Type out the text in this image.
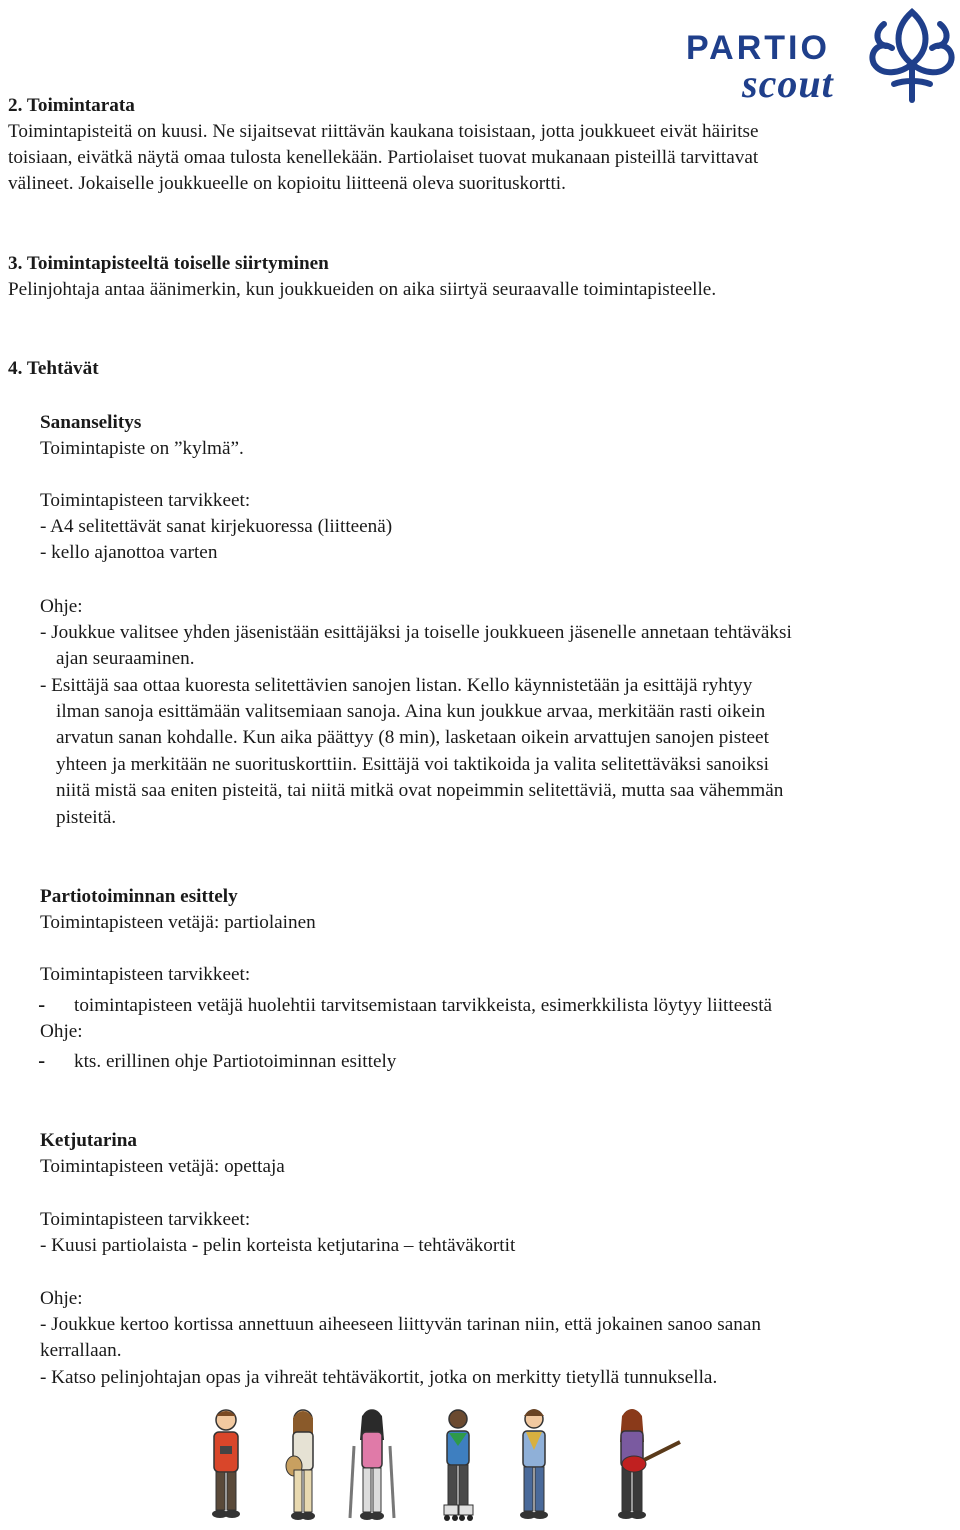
PARTIO
scout
2. Toimintarata
Toimintapisteitä on kuusi. Ne sijaitsevat riittävän kaukana toisistaan, jotta joukkueet eivät häiritse
toisiaan, eivätkä näytä omaa tulosta kenellekään. Partiolaiset tuovat mukanaan pisteillä tarvittavat
välineet. Jokaiselle joukkueelle on kopioitu liitteenä oleva suorituskortti.
3. Toimintapisteeltä toiselle siirtyminen
Pelinjohtaja antaa äänimerkin, kun joukkueiden on aika siirtyä seuraavalle toimintapisteelle.
4. Tehtävät
Sananselitys
Toimintapiste on ”kylmä”.
Toimintapisteen tarvikkeet:
- A4 selitettävät sanat kirjekuoressa (liitteenä)
- kello ajanottoa varten
Ohje:
- Joukkue valitsee yhden jäsenistään esittäjäksi ja toiselle joukkueen jäsenelle annetaan tehtäväksi
ajan seuraaminen.
- Esittäjä saa ottaa kuoresta selitettävien sanojen listan. Kello käynnistetään ja esittäjä ryhtyy
ilman sanoja esittämään valitsemiaan sanoja. Aina kun joukkue arvaa, merkitään rasti oikein
arvatun sanan kohdalle. Kun aika päättyy (8 min), lasketaan oikein arvattujen sanojen pisteet
yhteen ja merkitään ne suorituskorttiin. Esittäjä voi taktikoida ja valita selitettäväksi sanoiksi
niitä mistä saa eniten pisteitä, tai niitä mitkä ovat nopeimmin selitettäviä, mutta saa vähemmän
pisteitä.
Partiotoiminnan esittely
Toimintapisteen vetäjä: partiolainen
Toimintapisteen tarvikkeet:
- toimintapisteen vetäjä huolehtii tarvitsemistaan tarvikkeista, esimerkkilista löytyy liitteestä
Ohje:
- kts. erillinen ohje Partiotoiminnan esittely
Ketjutarina
Toimintapisteen vetäjä: opettaja
Toimintapisteen tarvikkeet:
- Kuusi partiolaista - pelin korteista ketjutarina – tehtäväkortit
Ohje:
- Joukkue kertoo kortissa annettuun aiheeseen liittyvän tarinan niin, että jokainen sanoo sanan
kerrallaan.
- Katso pelinjohtajan opas ja vihreät tehtäväkortit, jotka on merkitty tietyllä tunnuksella.
